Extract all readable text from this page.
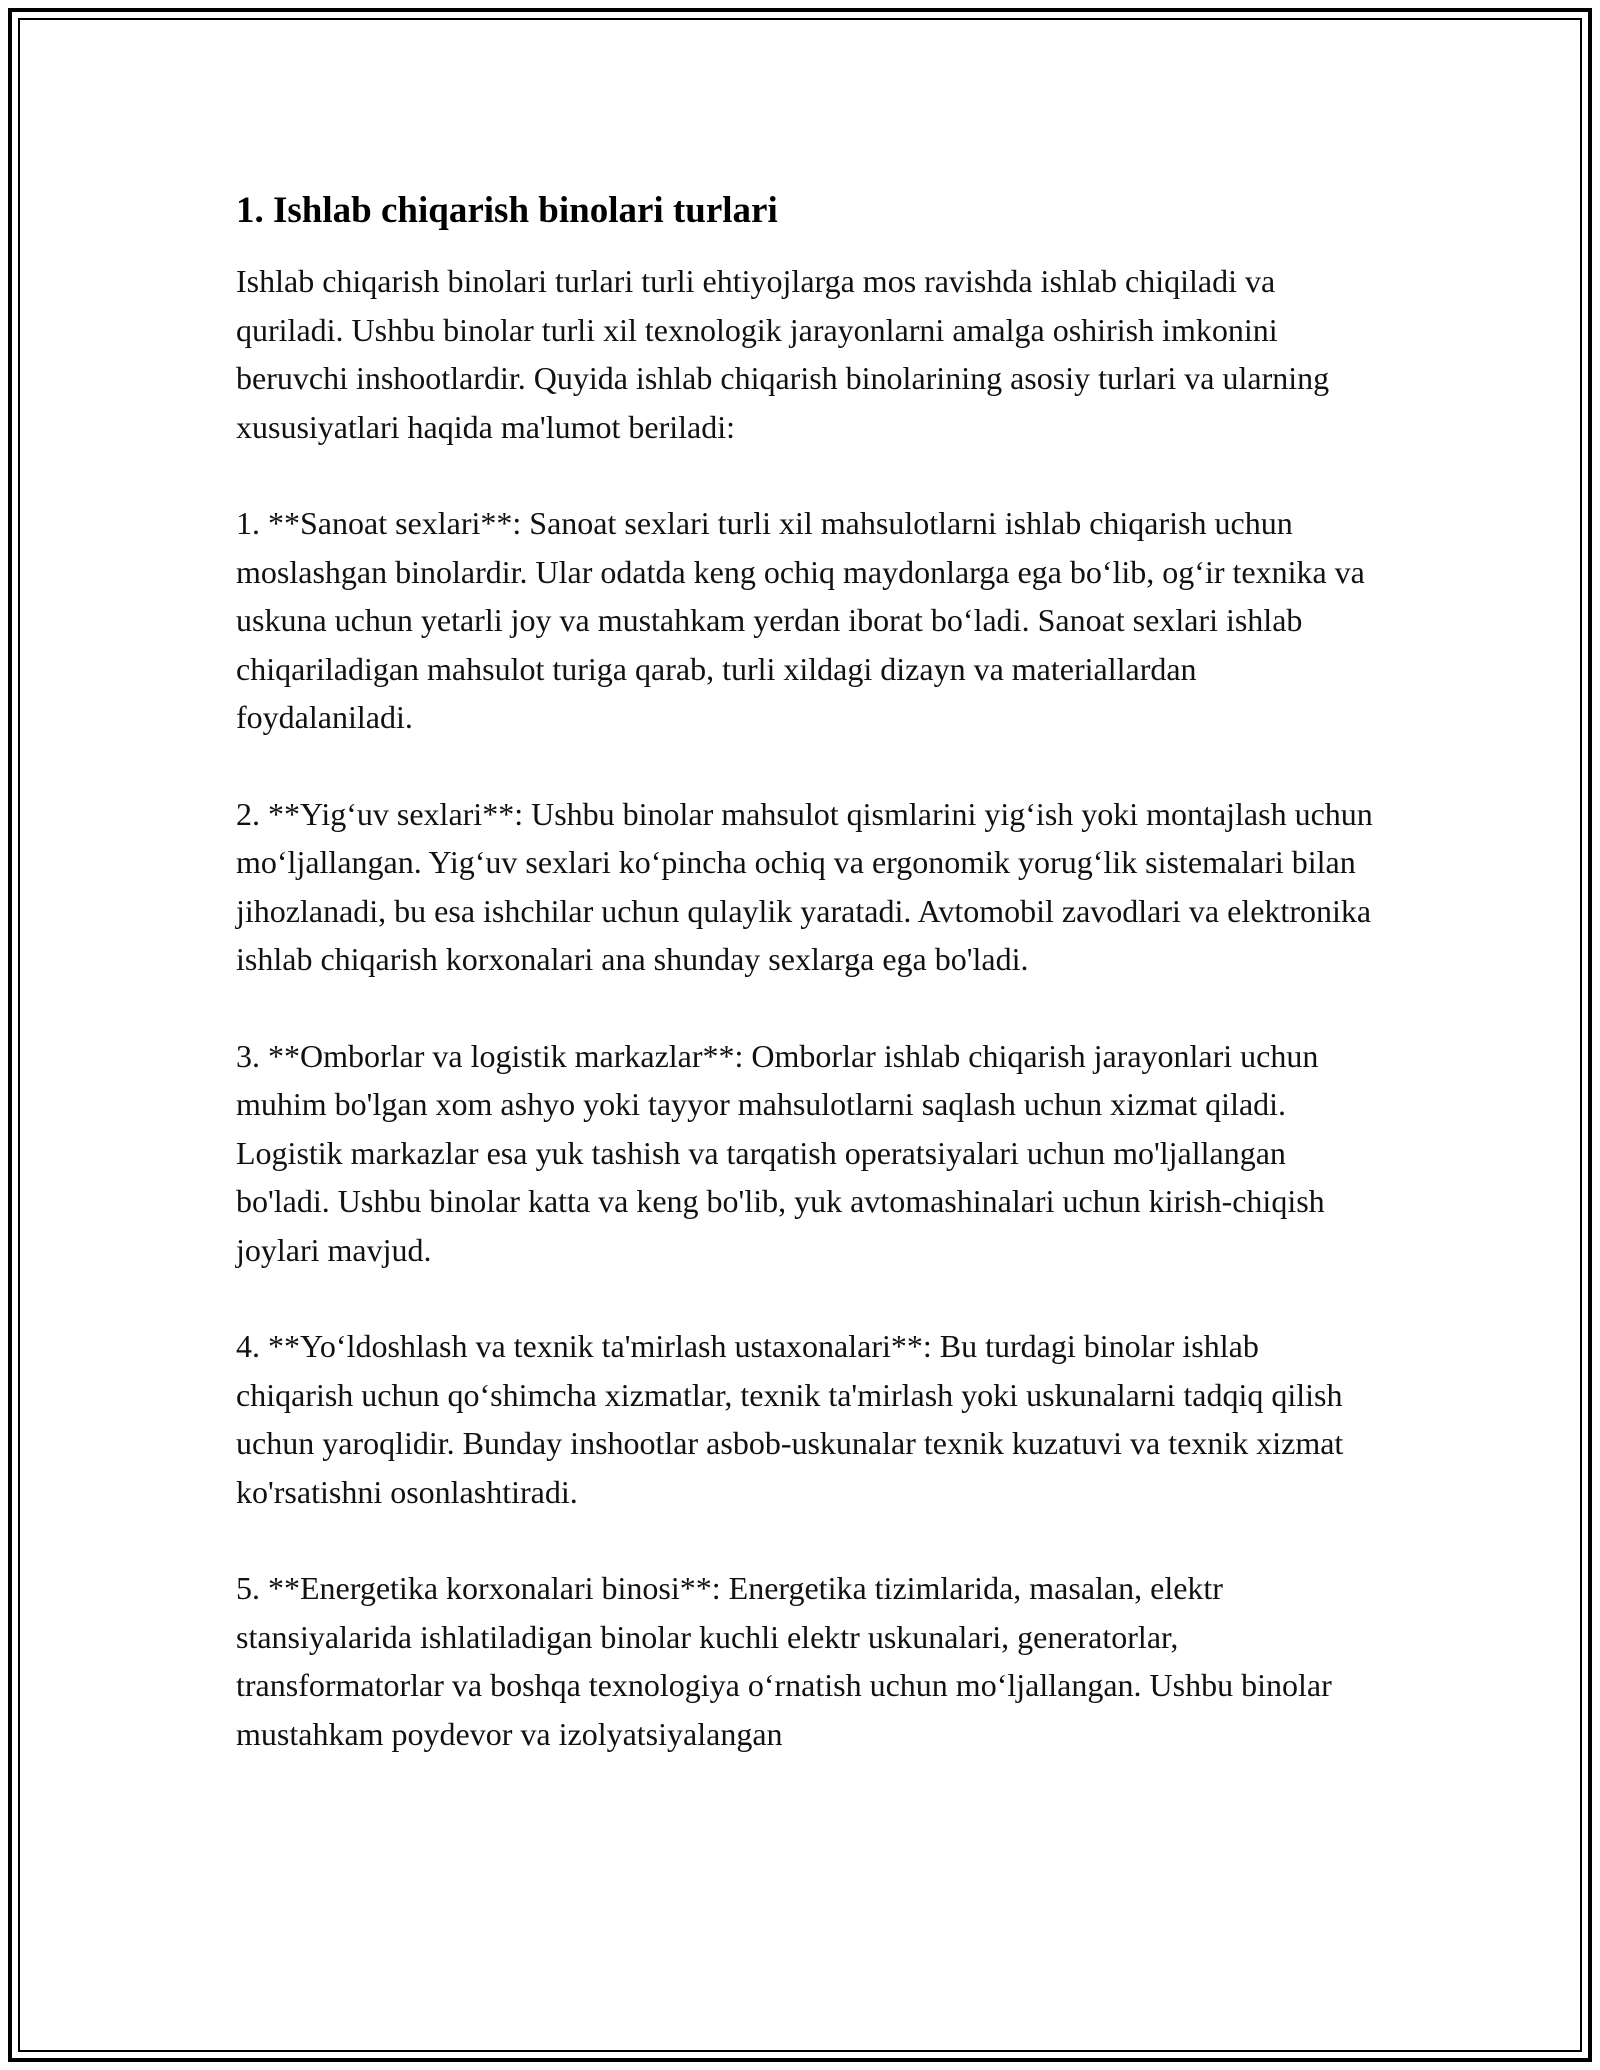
1. Ishlab chiqarish binolari turlari

Ishlab chiqarish binolari turlari turli ehtiyojlarga mos ravishda ishlab chiqiladi va quriladi. Ushbu binolar turli xil texnologik jarayonlarni amalga oshirish imkonini beruvchi inshootlardir. Quyida ishlab chiqarish binolarining asosiy turlari va ularning xususiyatlari haqida ma'lumot beriladi:

1. **Sanoat sexlari**: Sanoat sexlari turli xil mahsulotlarni ishlab chiqarish uchun moslashgan binolardir. Ular odatda keng ochiq maydonlarga ega bo‘lib, og‘ir texnika va uskuna uchun yetarli joy va mustahkam yerdan iborat bo‘ladi. Sanoat sexlari ishlab chiqariladigan mahsulot turiga qarab, turli xildagi dizayn va materiallardan foydalaniladi.

2. **Yig‘uv sexlari**: Ushbu binolar mahsulot qismlarini yig‘ish yoki montajlash uchun mo‘ljallangan. Yig‘uv sexlari ko‘pincha ochiq va ergonomik yorug‘lik sistemalari bilan jihozlanadi, bu esa ishchilar uchun qulaylik yaratadi. Avtomobil zavodlari va elektronika ishlab chiqarish korxonalari ana shunday sexlarga ega bo'ladi.

3. **Omborlar va logistik markazlar**: Omborlar ishlab chiqarish jarayonlari uchun muhim bo'lgan xom ashyo yoki tayyor mahsulotlarni saqlash uchun xizmat qiladi. Logistik markazlar esa yuk tashish va tarqatish operatsiyalari uchun mo'ljallangan bo'ladi. Ushbu binolar katta va keng bo'lib, yuk avtomashinalari uchun kirish-chiqish joylari mavjud.

4. **Yo‘ldoshlash va texnik ta'mirlash ustaxonalari**: Bu turdagi binolar ishlab chiqarish uchun qo‘shimcha xizmatlar, texnik ta'mirlash yoki uskunalarni tadqiq qilish uchun yaroqlidir. Bunday inshootlar asbob-uskunalar texnik kuzatuvi va texnik xizmat ko'rsatishni osonlashtiradi.

5. **Energetika korxonalari binosi**: Energetika tizimlarida, masalan, elektr stansiyalarida ishlatiladigan binolar kuchli elektr uskunalari, generatorlar, transformatorlar va boshqa texnologiya o‘rnatish uchun mo‘ljallangan. Ushbu binolar mustahkam poydevor va izolyatsiyalangan
